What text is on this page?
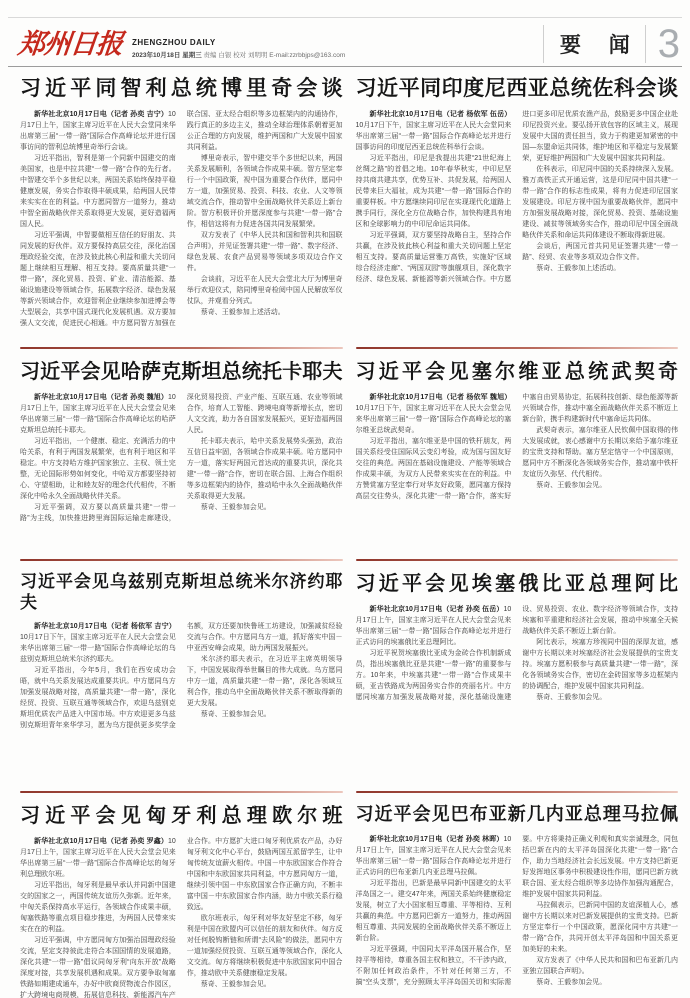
郑州日报 ZHENGZHOU DAILY
2023年10月18日 星期三 责编 白银 校对 刘明明 E-mail:zzrbbjps@163.com	要 闻 3
习近平同智利总统博里奇会谈

新华社北京10月17日电（记者 孙奕 吉宁）10月17日上午，国家主席习近平在人民大会堂同来华出席第三届“一带一路”国际合作高峰论坛并进行国事访问的智利总统博里奇举行会谈。

习近平指出，智利是第一个同新中国建交的南美国家，也是中拉共建“一带一路”合作的先行者。中智建交半个多世纪以来，两国关系始终保持平稳健康发展，务实合作取得丰硕成果，给两国人民带来实实在在的利益。中方愿同智方一道努力，推动中智全面战略伙伴关系取得更大发展，更好造福两国人民。

习近平强调，中智要做相互信任的好朋友、共同发展的好伙伴。双方要保持高层交往，深化治国理政经验交流，在涉及彼此核心利益和重大关切问题上继续相互理解、相互支持。要高质量共建“一带一路”，深化贸易、投资、矿业、清洁能源、基础设施建设等领域合作，拓展数字经济、绿色发展等新兴领域合作，欢迎智利企业继续参加进博会等大型展会，共享中国式现代化发展机遇。双方要加强人文交流，促进民心相通。中方愿同智方加强在联合国、亚太经合组织等多边框架内的沟通协作，践行真正的多边主义，推动全球治理体系朝着更加公正合理的方向发展，维护两国和广大发展中国家共同利益。

博里奇表示，智中建交半个多世纪以来，两国关系发展顺利，各领域合作成果丰硕。智方坚定奉行一个中国政策，视中国为重要合作伙伴，愿同中方一道，加强贸易、投资、科技、农业、人文等领域交流合作，推动智中全面战略伙伴关系迈上新台阶。智方积极评价并愿深度参与共建“一带一路”合作，相信这将有力促进各国共同发展繁荣。

双方发表了《中华人民共和国和智利共和国联合声明》，并见证签署共建“一带一路”、数字经济、绿色发展、农食产品贸易等领域多项双边合作文件。

会谈前，习近平在人民大会堂北大厅为博里奇举行欢迎仪式，陪同博里奇检阅中国人民解放军仪仗队，并观看分列式。

蔡奇、王毅参加上述活动。

习近平同印度尼西亚总统佐科会谈

新华社北京10月17日电（记者 杨依军 伍岳）10月17日下午，国家主席习近平在人民大会堂同来华出席第三届“一带一路”国际合作高峰论坛并进行国事访问的印度尼西亚总统佐科举行会谈。

习近平指出，印尼是我提出共建“21世纪海上丝绸之路”的首倡之地。10年春华秋实，中印尼坚持共商共建共享，优势互补、共促发展，给两国人民带来巨大福祉，成为共建“一带一路”国际合作的重要样板。中方愿继续同印尼在实现现代化道路上携手同行，深化全方位战略合作，加快构建具有地区和全球影响力的中印尼命运共同体。

习近平强调，双方要坚持战略自主，坚持合作共赢，在涉及彼此核心利益和重大关切问题上坚定相互支持。要高质量运营雅万高铁，实施好“区域综合经济走廊”、“两国双园”等旗舰项目，深化数字经济、绿色发展、新能源等新兴领域合作。中方愿进口更多印尼优质农渔产品，鼓励更多中国企业赴印尼投资兴业。要弘扬开放包容的区域主义，展现发展中大国的责任担当，致力于构建更加紧密的中国—东盟命运共同体，维护地区和平稳定与发展繁荣，更好维护两国和广大发展中国家共同利益。

佐科表示，印尼同中国的关系持续深入发展。雅万高铁正式开通运营，这是印尼同中国共建“一带一路”合作的标志性成果，将有力促进印尼国家发展建设。印尼方视中国为重要战略伙伴，愿同中方加强发展战略对接，深化贸易、投资、基础设施建设、减贫等领域务实合作，推动印尼中国全面战略伙伴关系和命运共同体建设不断取得新进展。

会谈后，两国元首共同见证签署共建“一带一路”、经贸、农业等多项双边合作文件。

蔡奇、王毅参加上述活动。

习近平会见哈萨克斯坦总统托卡耶夫

新华社北京10月17日电（记者 孙奕 魏旭）10月17日上午，国家主席习近平在人民大会堂会见来华出席第三届“一带一路”国际合作高峰论坛的哈萨克斯坦总统托卡耶夫。

习近平指出，一个健康、稳定、充满活力的中哈关系，有利于两国发展繁荣，也有利于地区和平稳定。中方支持哈方维护国家独立、主权、领土完整，无论国际形势如何变化，中哈双方都要坚持初心、守望相助，让和睦友好的理念代代相传，不断深化中哈永久全面战略伙伴关系。

习近平强调，双方要以高质量共建“一带一路”为主线，加快推进跨里海国际运输走廊建设，深化贸易投资、产业产能、互联互通、农业等领域合作，培育人工智能、跨境电商等新增长点，密切人文交流，助力各自国家发展振兴，更好造福两国人民。

托卡耶夫表示，哈中关系发展势头强劲，政治互信日益牢固，各领域合作成果丰硕。哈方愿同中方一道，落实好两国元首达成的重要共识，深化共建“一带一路”合作，密切在联合国、上海合作组织等多边框架内的协作，推动哈中永久全面战略伙伴关系取得更大发展。

蔡奇、王毅参加会见。

习近平会见塞尔维亚总统武契奇

新华社北京10月17日电（记者 杨依军 魏旭）10月17日下午，国家主席习近平在人民大会堂会见来华出席第三届“一带一路”国际合作高峰论坛的塞尔维亚总统武契奇。

习近平指出，塞尔维亚是中国的铁杆朋友，两国关系经受住国际风云变幻考验，成为国与国友好交往的典范。两国在基础设施建设、产能等领域合作成果丰硕，为双方人民带来实实在在的利益。中方赞赏塞方坚定奉行对华友好政策，愿同塞方保持高层交往势头，深化共建“一带一路”合作，落实好中塞自由贸易协定，拓展科技创新、绿色能源等新兴领域合作，推动中塞全面战略伙伴关系不断迈上新台阶，携手构建新时代中塞命运共同体。

武契奇表示，塞尔维亚人民钦佩中国取得的伟大发展成就，衷心感谢中方长期以来给予塞尔维亚的宝贵支持和帮助。塞方坚定恪守一个中国原则，愿同中方不断深化各领域务实合作，推动塞中铁杆友谊历久弥坚、代代相传。

蔡奇、王毅参加会见。

习近平会见乌兹别克斯坦总统米尔济约耶夫

新华社北京10月17日电（记者 杨依军 吉宁）10月17日下午，国家主席习近平在人民大会堂会见来华出席第三届“一带一路”国际合作高峰论坛的乌兹别克斯坦总统米尔济约耶夫。

习近平指出，今年5月，我们在西安成功会晤，就中乌关系发展达成重要共识。中方愿同乌方加强发展战略对接，高质量共建“一带一路”，深化经贸、投资、互联互通等领域合作，欢迎乌兹别克斯坦优质农产品进入中国市场。中方欢迎更多乌兹别克斯坦青年来华学习，愿为乌方提供更多奖学金名额，双方还要加快鲁班工坊建设，加强减贫经验交流与合作。中方愿同乌方一道，抓好落实中国－中亚西安峰会成果，助力两国发展振兴。

米尔济约耶夫表示，在习近平主席英明领导下，中国发展取得举世瞩目的伟大成就。乌方愿同中方一道，高质量共建“一带一路”，深化各领域互利合作，推动乌中全面战略伙伴关系不断取得新的更大发展。

蔡奇、王毅参加会见。

习近平会见埃塞俄比亚总理阿比

新华社北京10月17日电（记者 孙奕 伍岳）10月17日上午，国家主席习近平在人民大会堂会见来华出席第三届“一带一路”国际合作高峰论坛并进行正式访问的埃塞俄比亚总理阿比。

习近平祝贺埃塞俄比亚成为金砖合作机制新成员，指出埃塞俄比亚是共建“一带一路”的重要参与方。10年来，中埃塞共建“一带一路”合作成果丰硕，亚吉铁路成为两国务实合作的亮丽名片。中方愿同埃塞方加强发展战略对接，深化基础设施建设、贸易投资、农业、数字经济等领域合作，支持埃塞和平重建和经济社会发展，推动中埃塞全天候战略伙伴关系不断迈上新台阶。

阿比表示，埃塞方珍视同中国的深厚友谊，感谢中方长期以来对埃塞经济社会发展提供的宝贵支持。埃塞方愿积极参与高质量共建“一带一路”，深化各领域务实合作，密切在金砖国家等多边框架内的协调配合，维护发展中国家共同利益。

蔡奇、王毅参加会见。

习近平会见匈牙利总理欧尔班

新华社北京10月17日电（记者 孙奕 罗鑫）10月17日上午，国家主席习近平在人民大会堂会见来华出席第三届“一带一路”国际合作高峰论坛的匈牙利总理欧尔班。

习近平指出，匈牙利是最早承认并同新中国建交的国家之一，两国传统友谊历久弥新。近年来，中匈关系保持高水平运行，各领域合作成果丰硕，匈塞铁路等重点项目稳步推进，为两国人民带来实实在在的利益。

习近平强调，中方愿同匈方加强治国理政经验交流，坚定支持彼此走符合本国国情的发展道路，深化共建“一带一路”倡议同匈牙利“向东开放”战略深度对接，共享发展机遇和成果。双方要争取匈塞铁路如期建成通车，办好中欧商贸物流合作园区，扩大跨境电商规模，拓展信息科技、新能源汽车产业合作。中方愿扩大进口匈牙利优质农产品，办好匈牙利文化中心平台，鼓励两国互派留学生，让中匈传统友谊薪火相传。中国－中东欧国家合作符合中国和中东欧国家共同利益，中方愿同匈方一道，继续引领中国－中东欧国家合作正确方向，不断丰富中国－中东欧国家合作内涵，助力中欧关系行稳致远。

欧尔班表示，匈牙利对华友好坚定不移，匈牙利是中国在欧盟内可以信任的朋友和伙伴。匈方反对任何脱钩断链和所谓“去风险”的做法，愿同中方一道加强经贸投资、互联互通等领域合作，深化人文交流。匈方将继续积极促进中东欧国家同中国合作，推动欧中关系健康稳定发展。

蔡奇、王毅参加会见。

习近平会见巴布亚新几内亚总理马拉佩

新华社北京10月17日电（记者 孙奕 林晖）10月17日上午，国家主席习近平在人民大会堂会见来华出席第三届“一带一路”国际合作高峰论坛并进行正式访问的巴布亚新几内亚总理马拉佩。

习近平指出，巴新是最早同新中国建交的太平洋岛国之一。建交47年来，两国关系始终健康稳定发展，树立了大小国家相互尊重、平等相待、互利共赢的典范。中方愿同巴新方一道努力，推动两国相互尊重、共同发展的全面战略伙伴关系不断迈上新台阶。

习近平强调，中国同太平洋岛国开展合作，坚持平等相待，尊重各国主权和独立，不干涉内政，不附加任何政治条件，不针对任何第三方，不搞“空头支票”，充分照顾太平洋岛国关切和实际需要。中方将秉持正确义利观和真实亲诚理念，同包括巴新在内的太平洋岛国深化共建“一带一路”合作，助力当地经济社会长远发展。中方支持巴新更好发挥地区事务中积极建设性作用，愿同巴新方就联合国、亚太经合组织等多边协作加强沟通配合，维护发展中国家共同利益。

马拉佩表示，巴新同中国的友谊深植人心，感谢中方长期以来对巴新发展提供的宝贵支持。巴新方坚定奉行一个中国政策，愿深化同中方共建“一带一路”合作，共同开创太平洋岛国和中国关系更加美好的未来。

双方发表了《中华人民共和国和巴布亚新几内亚独立国联合声明》。

蔡奇、王毅参加会见。
